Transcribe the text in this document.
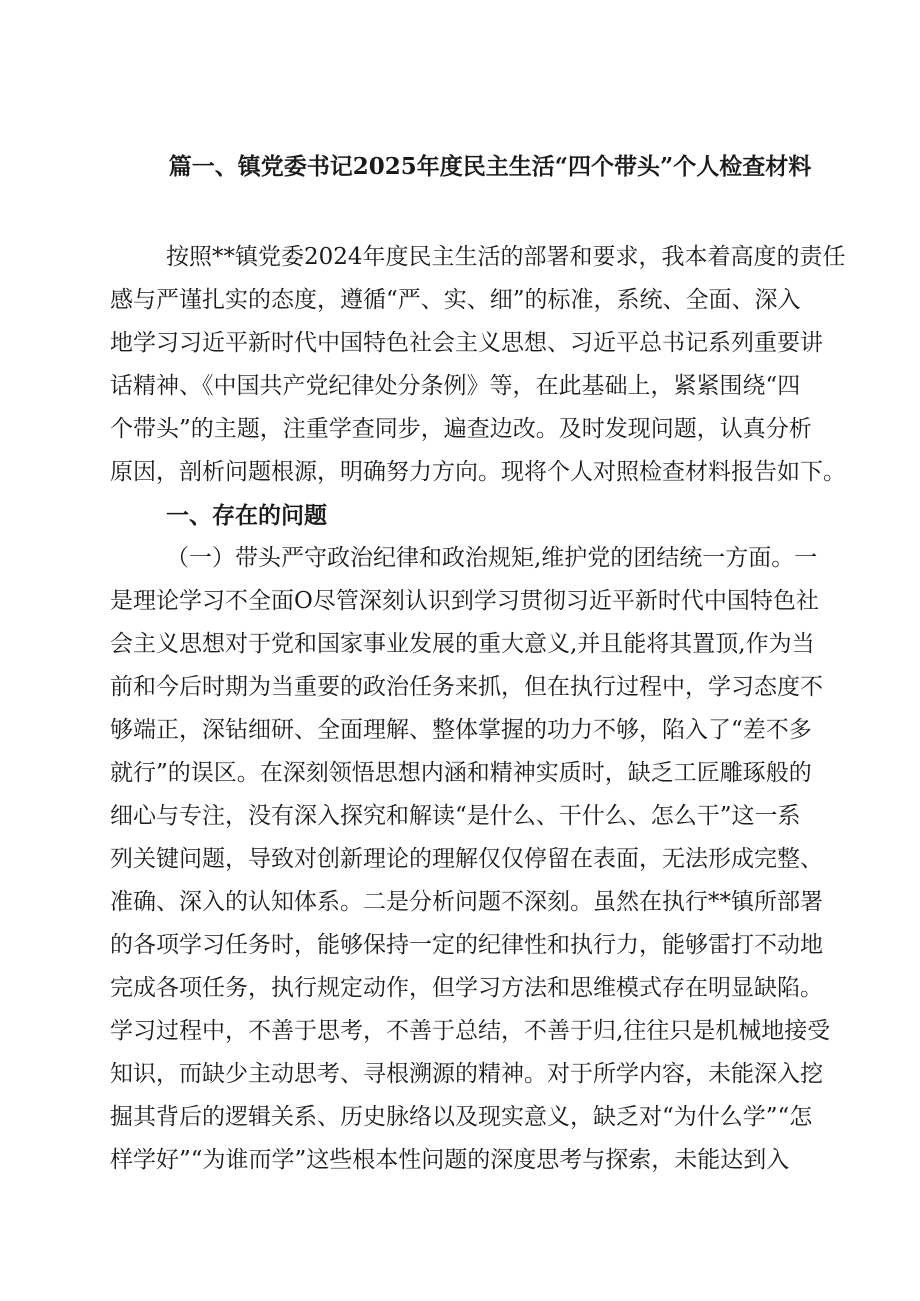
篇一、镇党委书记2025年度民主生活“四个带头”个人检查材料
按照**镇党委2024年度民主生活的部署和要求，我本着高度的责任
感与严谨扎实的态度，遵循“严、实、细”的标准，系统、全面、深入
地学习习近平新时代中国特色社会主义思想、习近平总书记系列重要讲
话精神、《中国共产党纪律处分条例》等，在此基础上，紧紧围绕“四
个带头”的主题，注重学查同步，遍查边改。及时发现问题，认真分析
原因，剖析问题根源，明确努力方向。现将个人对照检查材料报告如下。
一、存在的问题
（一）带头严守政治纪律和政治规矩,维护党的团结统一方面。一
是理论学习不全面O尽管深刻认识到学习贯彻习近平新时代中国特色社
会主义思想对于党和国家事业发展的重大意义,并且能将其置顶,作为当
前和今后时期为当重要的政治任务来抓，但在执行过程中，学习态度不
够端正，深钻细研、全面理解、整体掌握的功力不够，陷入了“差不多
就行”的误区。在深刻领悟思想内涵和精神实质时，缺乏工匠雕琢般的
细心与专注，没有深入探究和解读“是什么、干什么、怎么干”这一系
列关键问题，导致对创新理论的理解仅仅停留在表面，无法形成完整、
准确、深入的认知体系。二是分析问题不深刻。虽然在执行**镇所部署
的各项学习任务时，能够保持一定的纪律性和执行力，能够雷打不动地
完成各项任务，执行规定动作，但学习方法和思维模式存在明显缺陷。
学习过程中，不善于思考，不善于总结，不善于归,往往只是机械地接受
知识，而缺少主动思考、寻根溯源的精神。对于所学内容，未能深入挖
掘其背后的逻辑关系、历史脉络以及现实意义，缺乏对“为什么学”“怎
样学好”“为谁而学”这些根本性问题的深度思考与探索，未能达到入
